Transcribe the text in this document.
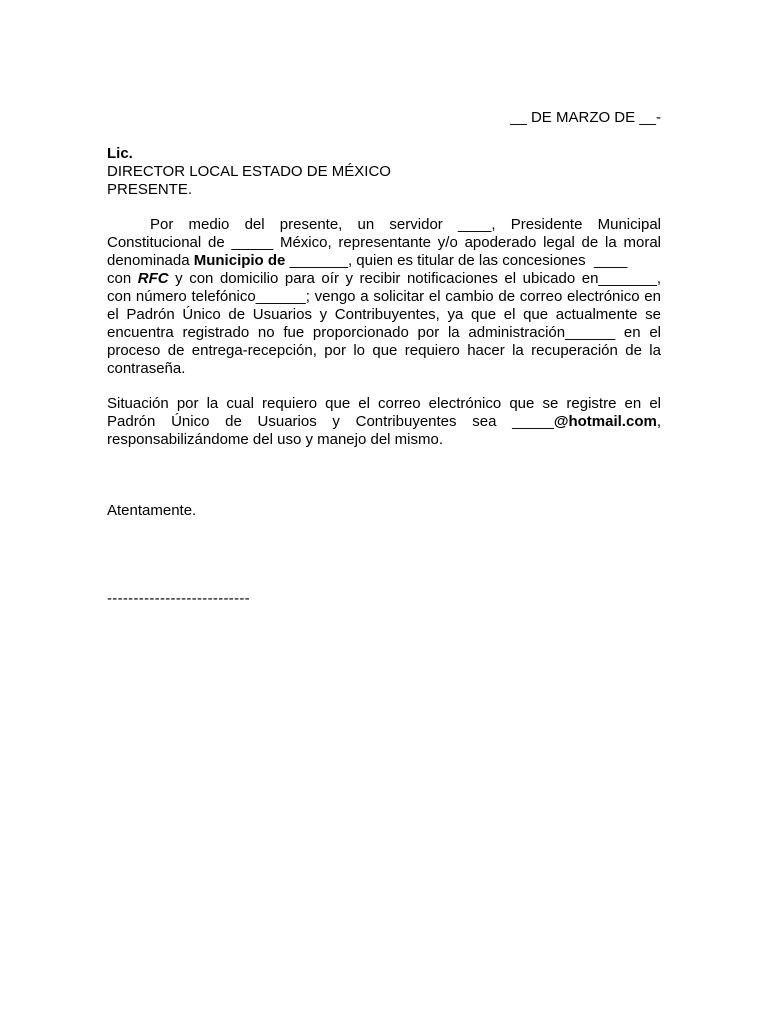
__ DE MARZO DE __-
Lic.
DIRECTOR LOCAL ESTADO DE MÉXICO
PRESENTE.
Por medio del presente, un servidor ____, Presidente Municipal
Constitucional de _____ México, representante y/o apoderado legal de la moral
denominada Municipio de _______, quien es titular de las concesiones  ____
con RFC y con domicilio para oír y recibir notificaciones el ubicado en_______,
con número telefónico______; vengo a solicitar el cambio de correo electrónico en
el Padrón Único de Usuarios y Contribuyentes, ya que el que actualmente se
encuentra registrado no fue proporcionado por la administración______ en el
proceso de entrega-recepción, por lo que requiero hacer la recuperación de la
contraseña.
Situación por la cual requiero que el correo electrónico que se registre en el
Padrón Único de Usuarios y Contribuyentes sea _____@hotmail.com,
responsabilizándome del uso y manejo del mismo.
Atentamente.
---------------------------
